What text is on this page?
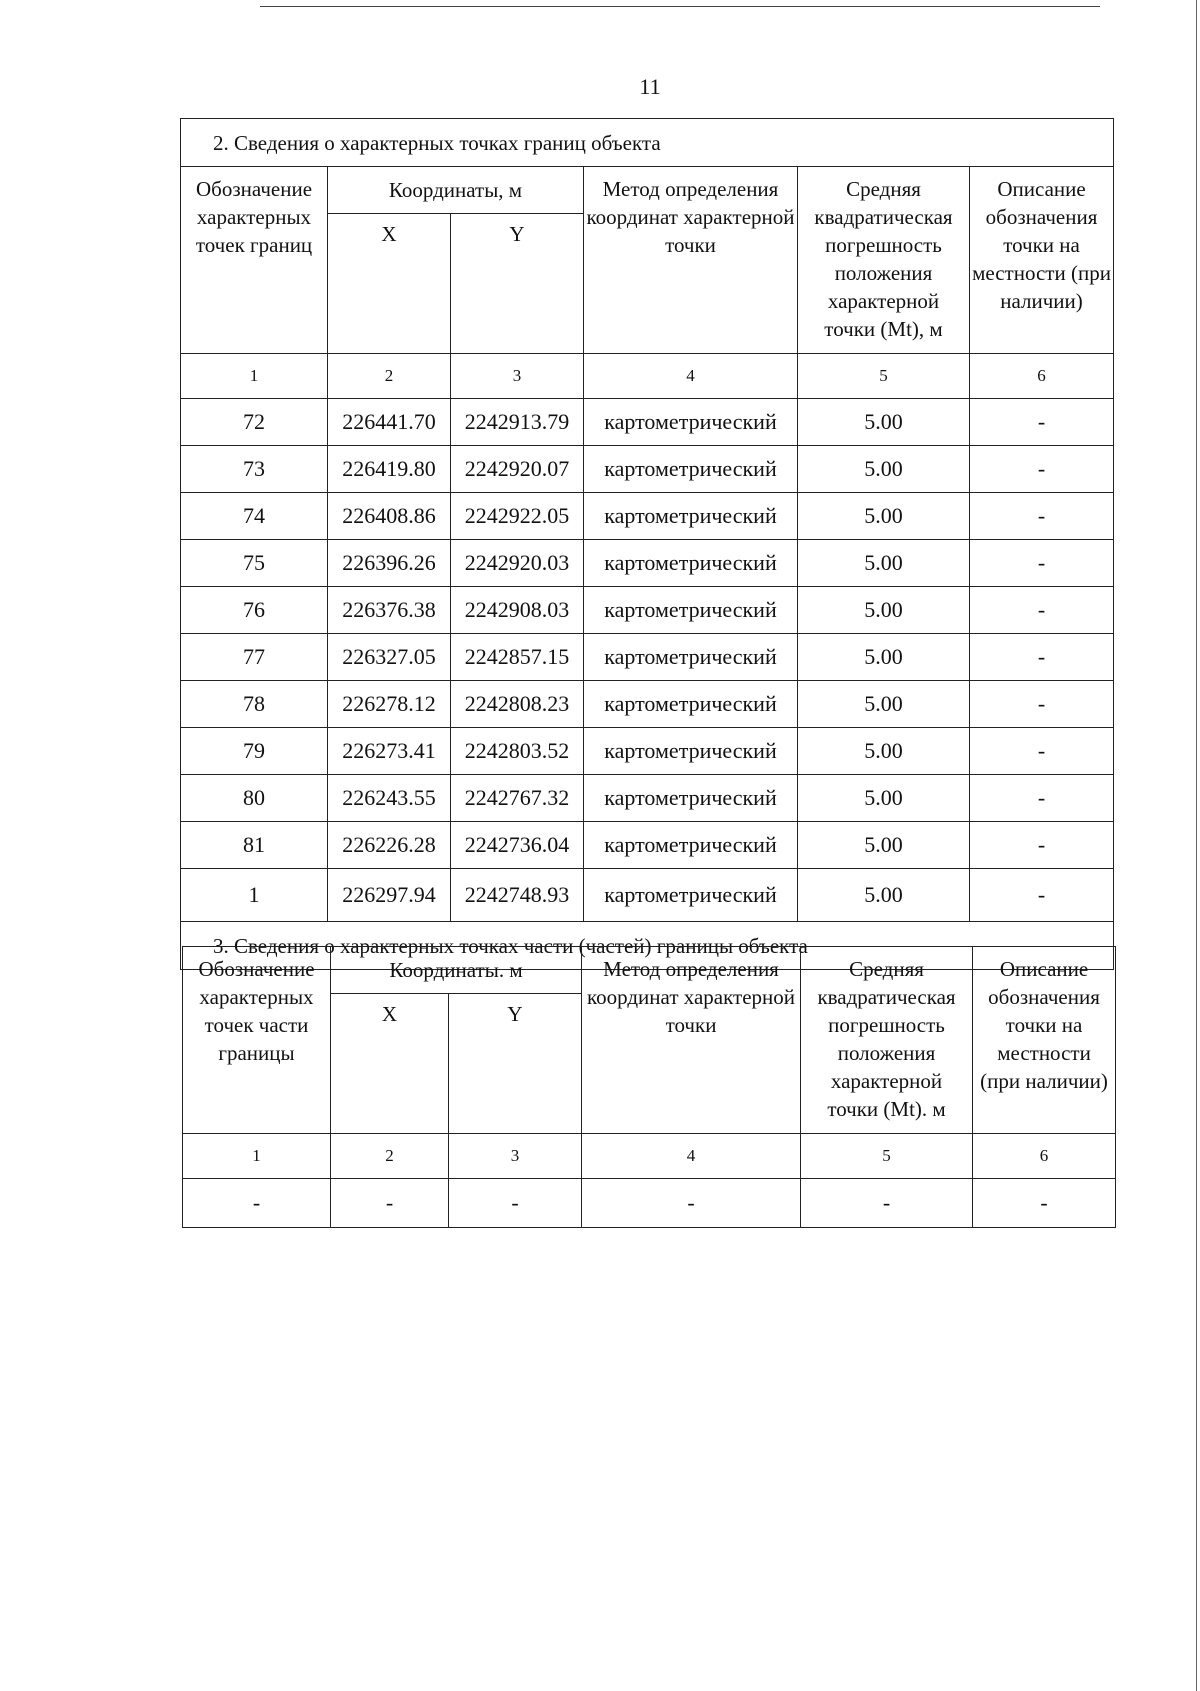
11
2. Сведения о характерных точках границ объекта					
Обозначение характерных точек границ	Координаты, м		Метод определения координат характерной точки	Средняя квадратическая погрешность положения характерной точки (Mt), м	Описание обозначения точки на местности (при наличии)
	X	Y			
1	2	3	4	5	6
72	226441.70	2242913.79	картометрический	5.00	-
73	226419.80	2242920.07	картометрический	5.00	-
74	226408.86	2242922.05	картометрический	5.00	-
75	226396.26	2242920.03	картометрический	5.00	-
76	226376.38	2242908.03	картометрический	5.00	-
77	226327.05	2242857.15	картометрический	5.00	-
78	226278.12	2242808.23	картометрический	5.00	-
79	226273.41	2242803.52	картометрический	5.00	-
80	226243.55	2242767.32	картометрический	5.00	-
81	226226.28	2242736.04	картометрический	5.00	-
1	226297.94	2242748.93	картометрический	5.00	-
3. Сведения о характерных точках части (частей) границы объекта					
Обозначение характерных точек части границы	Координаты. м		Метод определения координат характерной точки	Средняя квадратическая погрешность положения характерной точки (Mt). м	Описание обозначения точки на местности (при наличии)
	X	Y			
1	2	3	4	5	6
-	-	-	-	-	-
